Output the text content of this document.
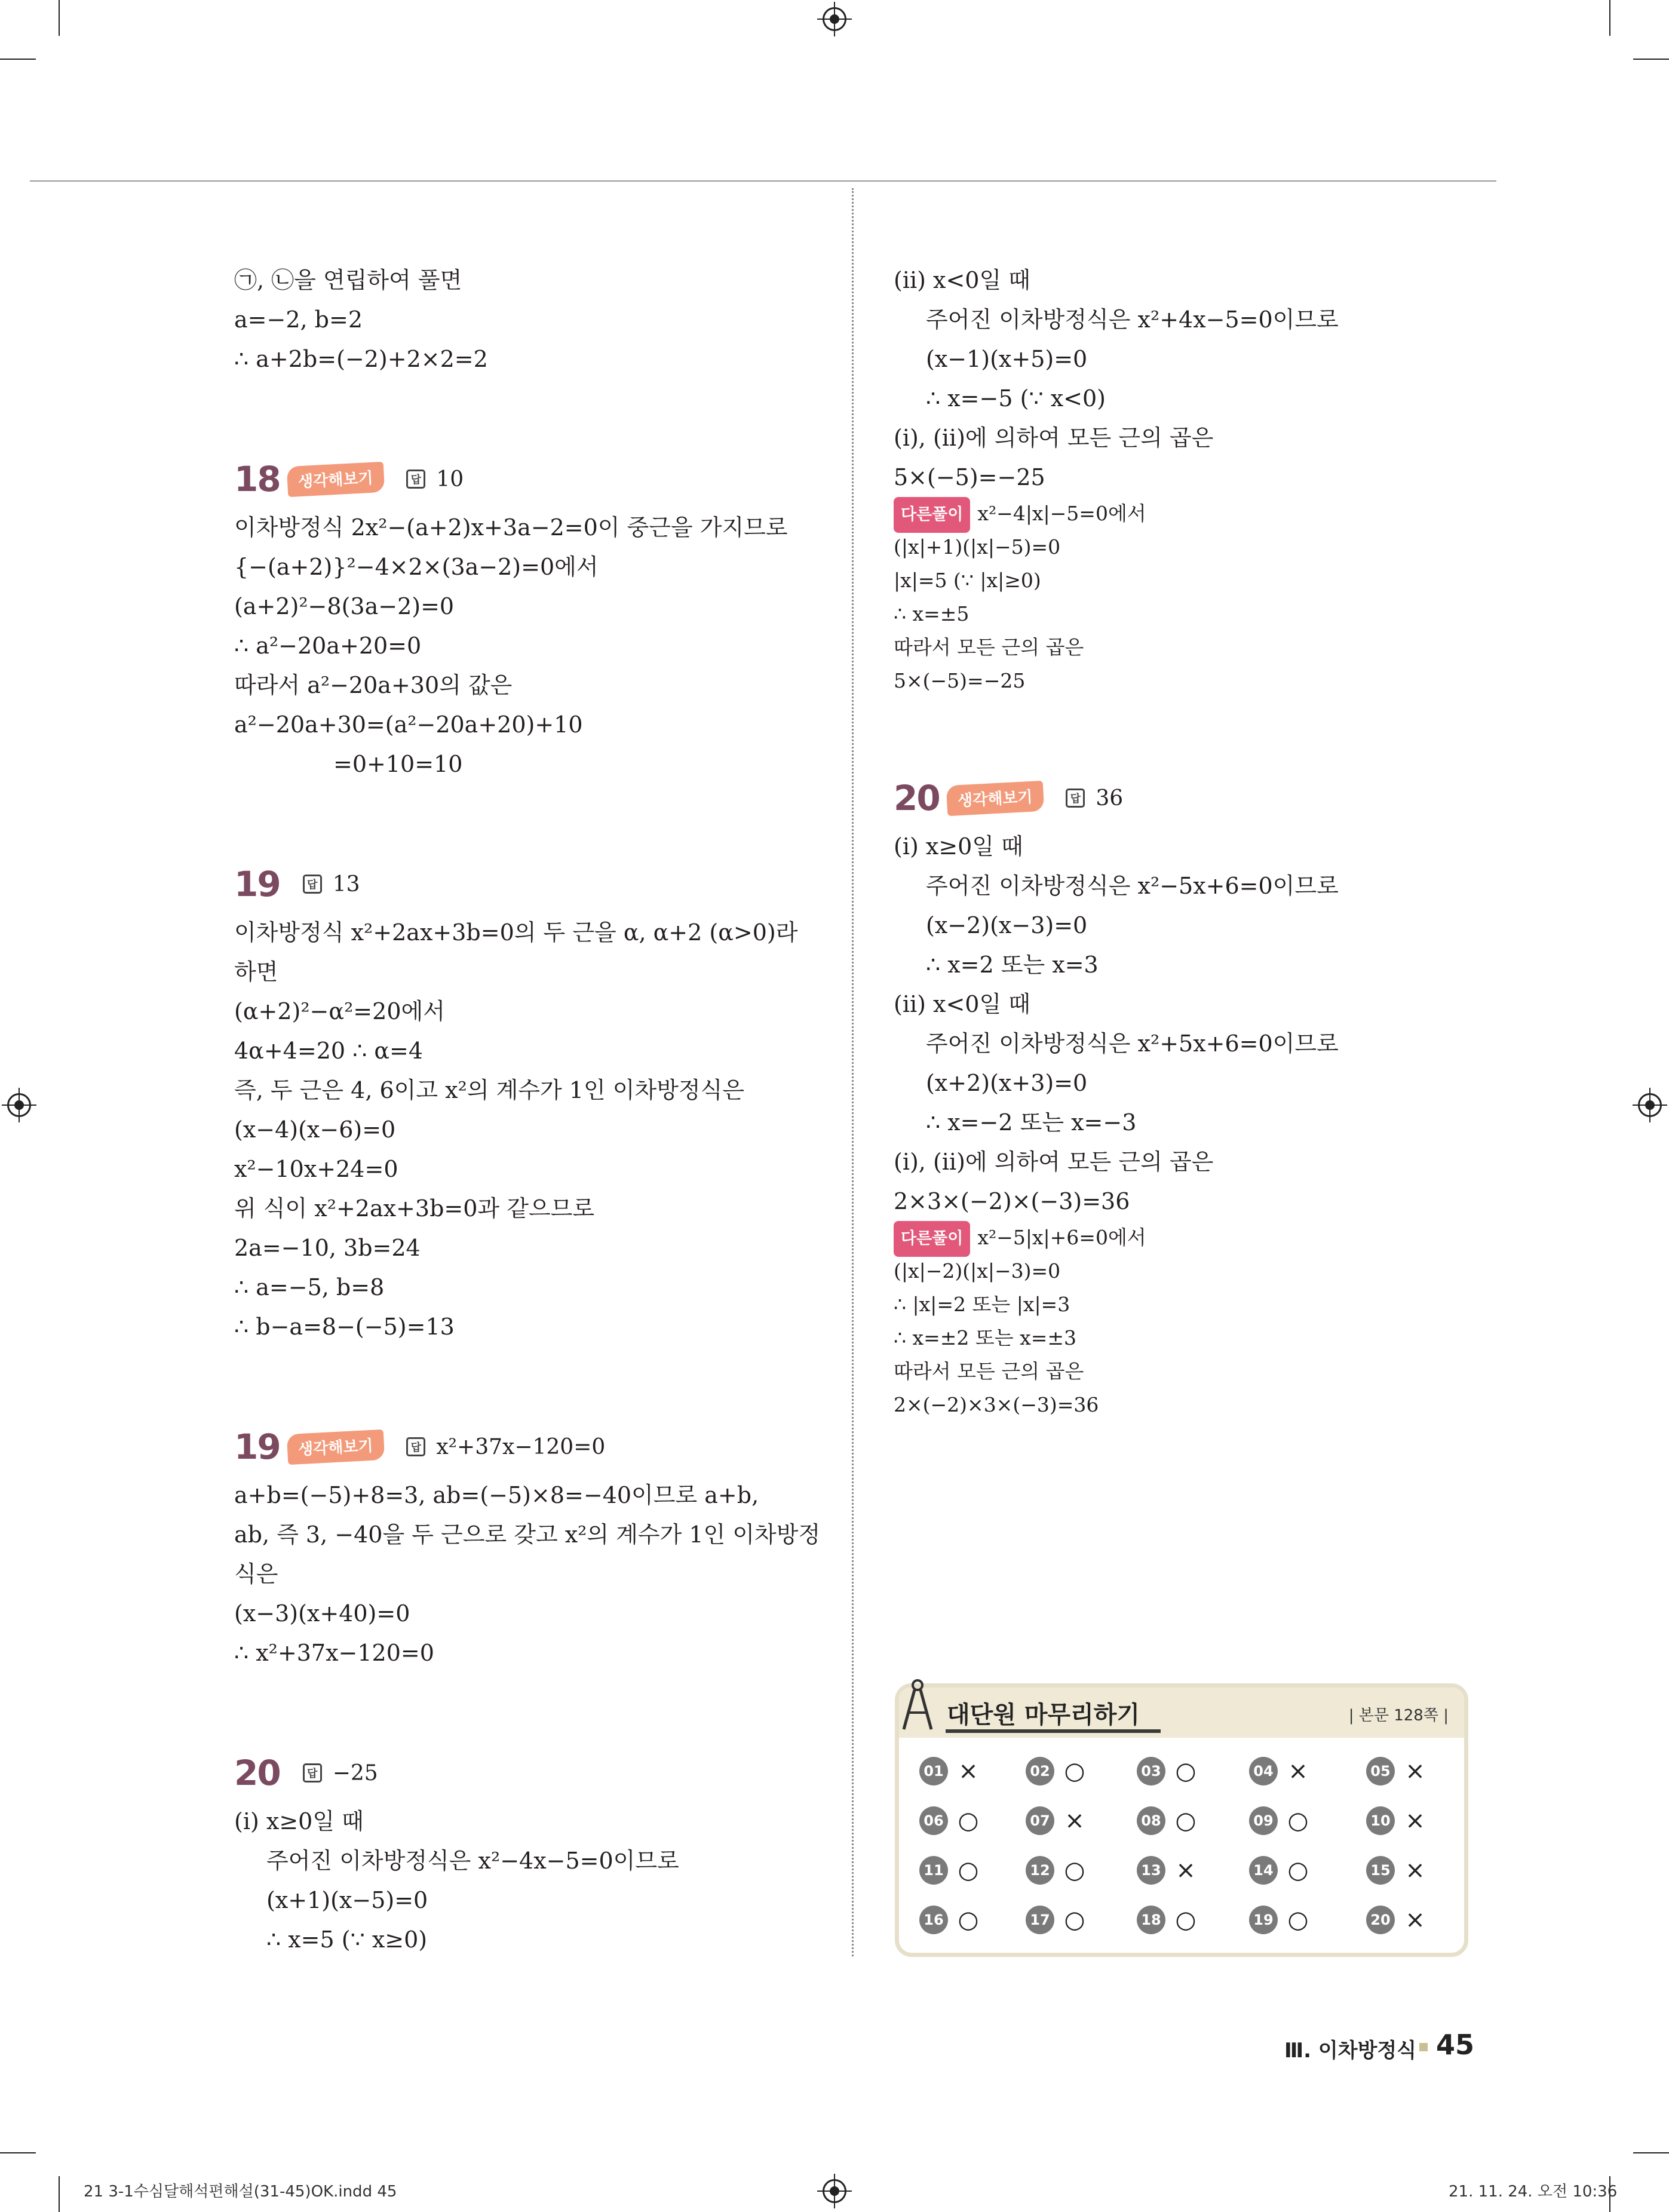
㉠, ㉡을 연립하여 풀면
a=−2, b=2
∴ a+2b=(−2)+2×2=2
18	생각해보기	답 10
이차방정식 2x²−(a+2)x+3a−2=0이 중근을 가지므로
{−(a+2)}²−4×2×(3a−2)=0에서
(a+2)²−8(3a−2)=0
∴ a²−20a+20=0
따라서 a²−20a+30의 값은
a²−20a+30=(a²−20a+20)+10
=0+10=10
19	답 13
이차방정식 x²+2ax+3b=0의 두 근을 α, α+2 (α>0)라
하면
(α+2)²−α²=20에서
4α+4=20 ∴ α=4
즉, 두 근은 4, 6이고 x²의 계수가 1인 이차방정식은
(x−4)(x−6)=0
x²−10x+24=0
위 식이 x²+2ax+3b=0과 같으므로
2a=−10, 3b=24
∴ a=−5, b=8
∴ b−a=8−(−5)=13
19	생각해보기	답 x²+37x−120=0
a+b=(−5)+8=3, ab=(−5)×8=−40이므로 a+b,
ab, 즉 3, −40을 두 근으로 갖고 x²의 계수가 1인 이차방정
식은
(x−3)(x+40)=0
∴ x²+37x−120=0
20	답 −25
(ⅰ) x≥0일 때
주어진 이차방정식은 x²−4x−5=0이므로
(x+1)(x−5)=0
∴ x=5 (∵ x≥0)
(ⅱ) x<0일 때
주어진 이차방정식은 x²+4x−5=0이므로
(x−1)(x+5)=0
∴ x=−5 (∵ x<0)
(ⅰ), (ⅱ)에 의하여 모든 근의 곱은
5×(−5)=−25
다른풀이 x²−4|x|−5=0에서
(|x|+1)(|x|−5)=0
|x|=5 (∵ |x|≥0)
∴ x=±5
따라서 모든 근의 곱은
5×(−5)=−25
20	생각해보기	답 36
(ⅰ) x≥0일 때
주어진 이차방정식은 x²−5x+6=0이므로
(x−2)(x−3)=0
∴ x=2 또는 x=3
(ⅱ) x<0일 때
주어진 이차방정식은 x²+5x+6=0이므로
(x+2)(x+3)=0
∴ x=−2 또는 x=−3
(ⅰ), (ⅱ)에 의하여 모든 근의 곱은
2×3×(−2)×(−3)=36
다른풀이 x²−5|x|+6=0에서
(|x|−2)(|x|−3)=0
∴ |x|=2 또는 |x|=3
∴ x=±2 또는 x=±3
따라서 모든 근의 곱은
2×(−2)×3×(−3)=36
대단원 마무리하기	| 본문 128쪽 |
01 ×	02 ○	03 ○	04 ×	05 ×
06 ○	07 ×	08 ○	09 ○	10 ×
11 ○	12 ○	13 ×	14 ○	15 ×
16 ○	17 ○	18 ○	19 ○	20 ×
Ⅲ. 이차방정식 45
21 3-1수심달해석편해설(31-45)OK.indd 45	21. 11. 24. 오전 10:36
